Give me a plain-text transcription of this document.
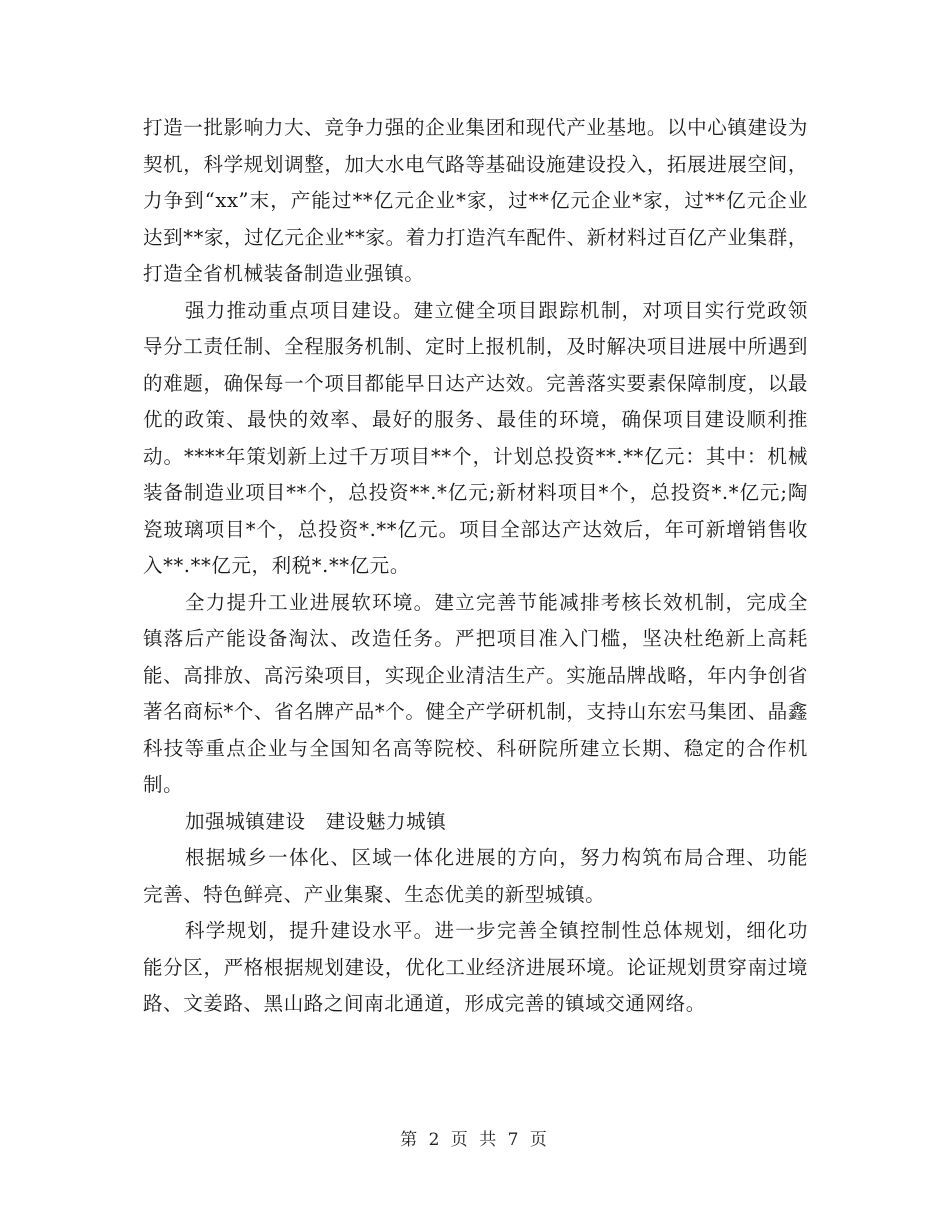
打造一批影响力大、竞争力强的企业集团和现代产业基地。以中心镇建设为契机，科学规划调整，加大水电气路等基础设施建设投入，拓展进展空间，力争到“xx”末，产能过**亿元企业*家，过**亿元企业*家，过**亿元企业达到**家，过亿元企业**家。着力打造汽车配件、新材料过百亿产业集群，打造全省机械装备制造业强镇。

强力推动重点项目建设。建立健全项目跟踪机制，对项目实行党政领导分工责任制、全程服务机制、定时上报机制，及时解决项目进展中所遇到的难题，确保每一个项目都能早日达产达效。完善落实要素保障制度，以最优的政策、最快的效率、最好的服务、最佳的环境，确保项目建设顺利推动。****年策划新上过千万项目**个，计划总投资**.**亿元：其中：机械装备制造业项目**个，总投资**.*亿元;新材料项目*个，总投资*.*亿元;陶瓷玻璃项目*个，总投资*.**亿元。项目全部达产达效后，年可新增销售收入**.**亿元，利税*.**亿元。

全力提升工业进展软环境。建立完善节能减排考核长效机制，完成全镇落后产能设备淘汰、改造任务。严把项目准入门槛，坚决杜绝新上高耗能、高排放、高污染项目，实现企业清洁生产。实施品牌战略，年内争创省著名商标*个、省名牌产品*个。健全产学研机制，支持山东宏马集团、晶鑫科技等重点企业与全国知名高等院校、科研院所建立长期、稳定的合作机制。

加强城镇建设　建设魅力城镇

根据城乡一体化、区域一体化进展的方向，努力构筑布局合理、功能完善、特色鲜亮、产业集聚、生态优美的新型城镇。

科学规划，提升建设水平。进一步完善全镇控制性总体规划，细化功能分区，严格根据规划建设，优化工业经济进展环境。论证规划贯穿南过境路、文姜路、黑山路之间南北通道，形成完善的镇域交通网络。

第 2 页 共 7 页
